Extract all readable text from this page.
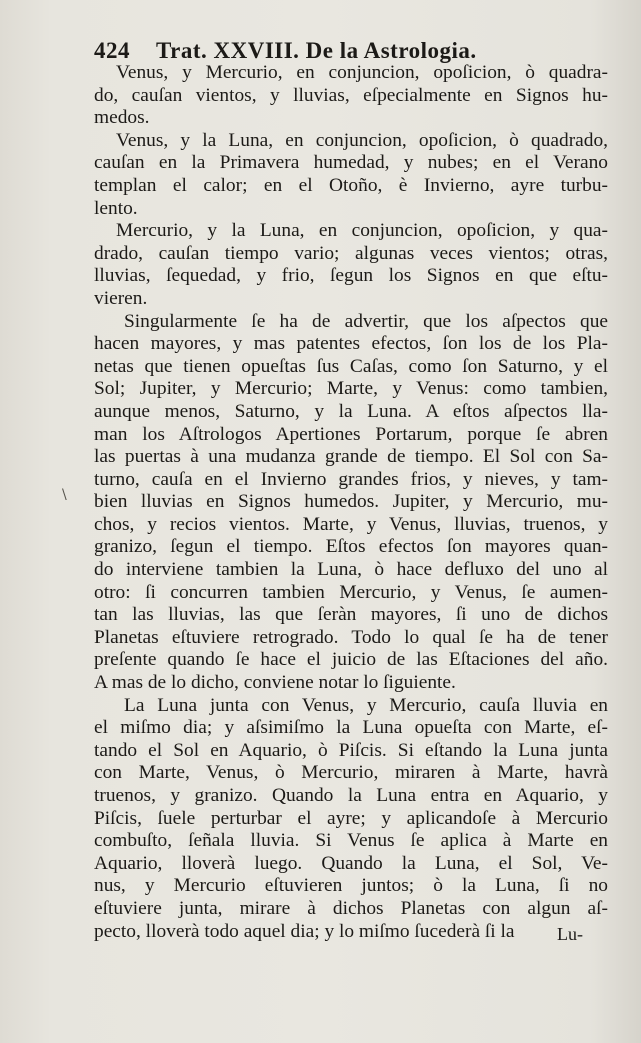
424 Trat. XXVIII. De la Astrologia.
Venus, y Mercurio, en conjuncion, opoſicion, ò quadra-
do, cauſan vientos, y lluvias, eſpecialmente en Signos hu-
medos.
Venus, y la Luna, en conjuncion, opoſicion, ò quadrado,
cauſan en la Primavera humedad, y nubes; en el Verano
templan el calor; en el Otoño, è Invierno, ayre turbu-
lento.
Mercurio, y la Luna, en conjuncion, opoſicion, y qua-
drado, cauſan tiempo vario; algunas veces vientos; otras,
lluvias, ſequedad, y frio, ſegun los Signos en que eſtu-
vieren.
Singularmente ſe ha de advertir, que los aſpectos que
hacen mayores, y mas patentes efectos, ſon los de los Pla-
netas que tienen opueſtas ſus Caſas, como ſon Saturno, y el
Sol; Jupiter, y Mercurio; Marte, y Venus: como tambien,
aunque menos, Saturno, y la Luna. A eſtos aſpectos lla-
man los Aſtrologos Apertiones Portarum, porque ſe abren
las puertas à una mudanza grande de tiempo. El Sol con Sa-
turno, cauſa en el Invierno grandes frios, y nieves, y tam-
bien lluvias en Signos humedos. Jupiter, y Mercurio, mu-
chos, y recios vientos. Marte, y Venus, lluvias, truenos, y
granizo, ſegun el tiempo. Eſtos efectos ſon mayores quan-
do interviene tambien la Luna, ò hace defluxo del uno al
otro: ſi concurren tambien Mercurio, y Venus, ſe aumen-
tan las lluvias, las que ſeràn mayores, ſi uno de dichos
Planetas eſtuviere retrogrado. Todo lo qual ſe ha de tener
preſente quando ſe hace el juicio de las Eſtaciones del año.
A mas de lo dicho, conviene notar lo ſiguiente.
La Luna junta con Venus, y Mercurio, cauſa lluvia en
el miſmo dia; y aſsimiſmo la Luna opueſta con Marte, eſ-
tando el Sol en Aquario, ò Piſcis. Si eſtando la Luna junta
con Marte, Venus, ò Mercurio, miraren à Marte, havrà
truenos, y granizo. Quando la Luna entra en Aquario, y
Piſcis, ſuele perturbar el ayre; y aplicandoſe à Mercurio
combuſto, ſeñala lluvia. Si Venus ſe aplica à Marte en
Aquario, lloverà luego. Quando la Luna, el Sol, Ve-
nus, y Mercurio eſtuvieren juntos; ò la Luna, ſi no
eſtuviere junta, mirare à dichos Planetas con algun aſ-
pecto, lloverà todo aquel dia; y lo miſmo ſucederà ſi la
\
Lu-
